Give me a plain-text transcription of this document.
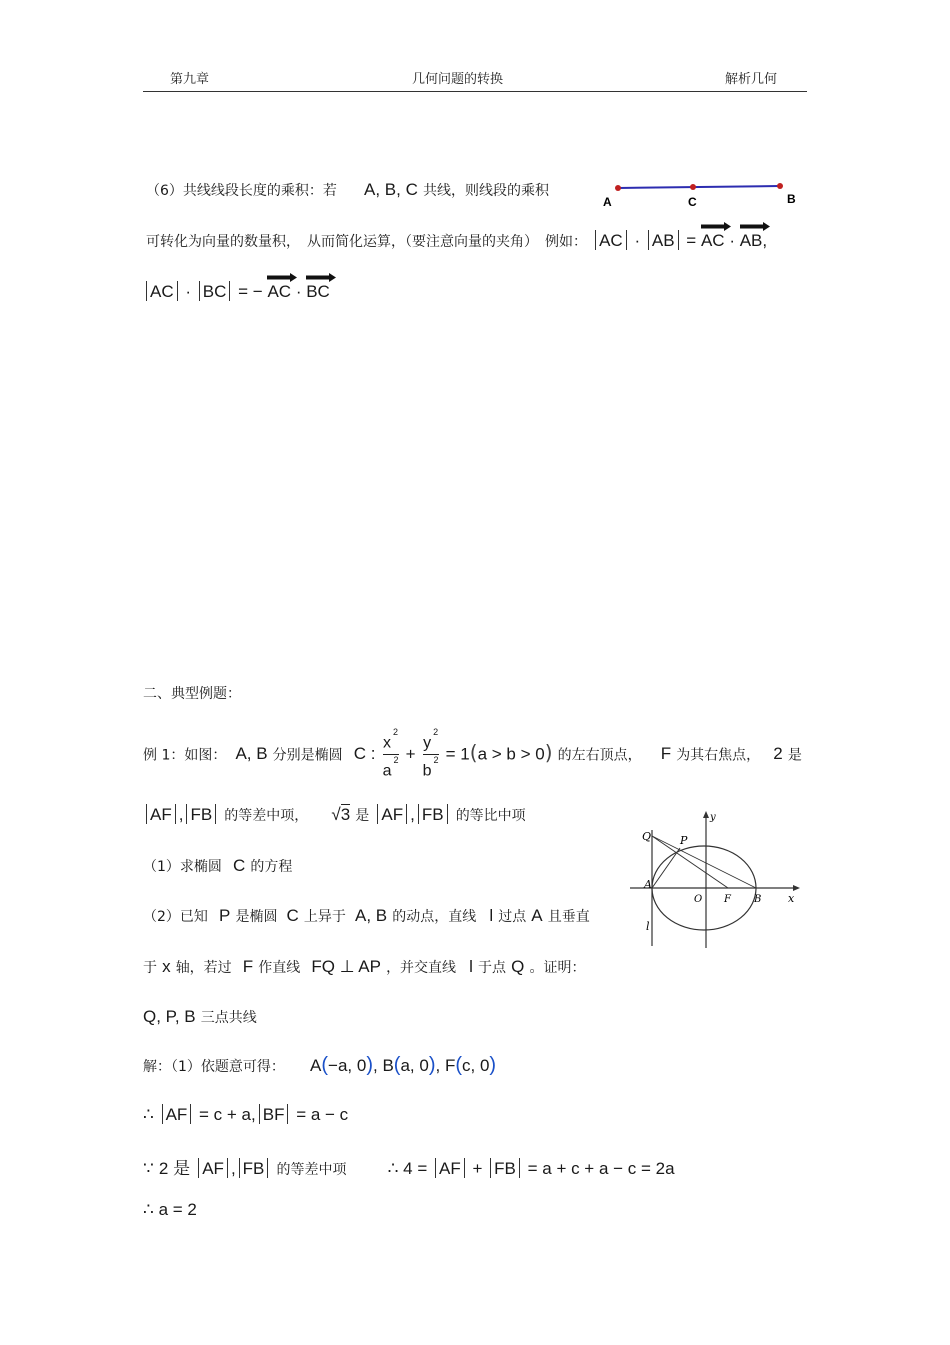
第九章	几何问题的转换	解析几何
（6）共线线段长度的乘积：若 A, B, C 共线，则线段的乘积
A	C	B
可转化为向量的数量积，　从而简化运算，（要注意向量的夹角）　例如： AC · AB = AC · AB,
AC · BC = − AC · BC
二、典型例题：
例 1：如图： A, B 分别是椭圆 C : $\frac{x^2}{a^2} + \frac{y^2}{b^2} = 1(a > b > 0)$ 的左右顶点， F 为其右焦点， 2 是
AF , FB 的等差中项， √3 是 AF , FB 的等比中项
（1）求椭圆 C 的方程
（2）已知 P 是椭圆 C 上异于 A, B 的动点，直线 l 过点 A 且垂直
于 x 轴，若过 F 作直线 FQ ⊥ AP ，并交直线 l 于点 Q 。证明：
Q, P, B 三点共线
y
Q	P
A
O F B x
l
解：（1）依题意可得： A(−a, 0), B(a, 0), F(c, 0)
∴ AF = c + a, BF = a − c
∵ 2 是 AF , FB 的等差中项 ∴ 4 = AF + FB = a + c + a − c = 2a
∴ a = 2
